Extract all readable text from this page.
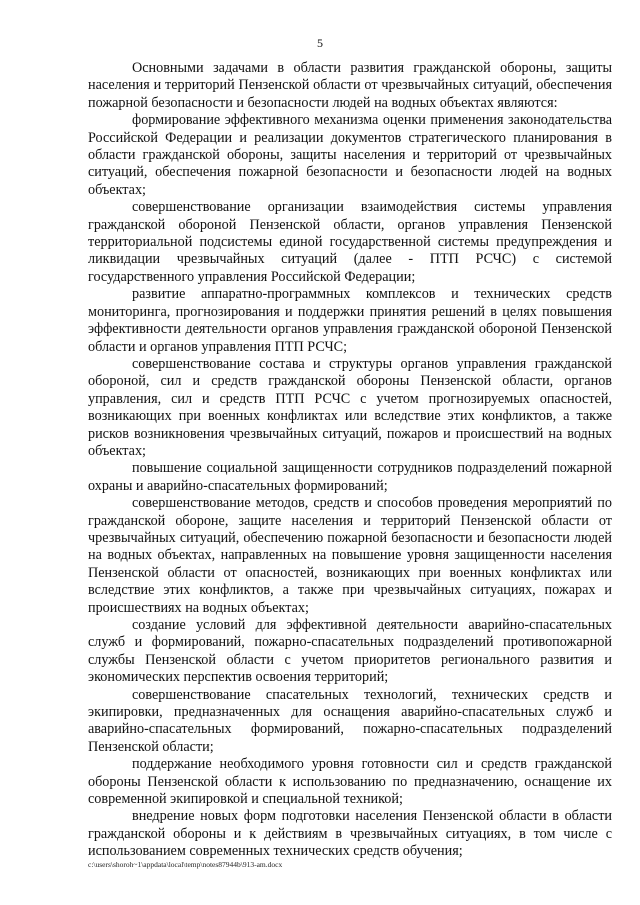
5

Основными задачами в области развития гражданской обороны, защиты населения и территорий Пензенской области от чрезвычайных ситуаций, обеспечения пожарной безопасности и безопасности людей на водных объектах являются:

формирование эффективного механизма оценки применения законодательства Российской Федерации и реализации документов стратегического планирования в области гражданской обороны, защиты населения и территорий от чрезвычайных ситуаций, обеспечения пожарной безопасности и безопасности людей на водных объектах;

совершенствование организации взаимодействия системы управления гражданской обороной Пензенской области, органов управления Пензенской территориальной подсистемы единой государственной системы предупреждения и ликвидации чрезвычайных ситуаций (далее - ПТП РСЧС) с системой государственного управления Российской Федерации;

развитие аппаратно-программных комплексов и технических средств мониторинга, прогнозирования и поддержки принятия решений в целях повышения эффективности деятельности органов управления гражданской обороной Пензенской области и органов управления ПТП РСЧС;

совершенствование состава и структуры органов управления гражданской обороной, сил и средств гражданской обороны Пензенской области, органов управления, сил и средств ПТП РСЧС с учетом прогнозируемых опасностей, возникающих при военных конфликтах или вследствие этих конфликтов, а также рисков возникновения чрезвычайных ситуаций, пожаров и происшествий на водных объектах;

повышение социальной защищенности сотрудников подразделений пожарной охраны и аварийно-спасательных формирований;

совершенствование методов, средств и способов проведения мероприятий по гражданской обороне, защите населения и территорий Пензенской области от чрезвычайных ситуаций, обеспечению пожарной безопасности и безопасности людей на водных объектах, направленных на повышение уровня защищенности населения Пензенской области от опасностей, возникающих при военных конфликтах или вследствие этих конфликтов, а также при чрезвычайных ситуациях, пожарах и происшествиях на водных объектах;

создание условий для эффективной деятельности аварийно-спасательных служб и формирований, пожарно-спасательных подразделений противопожарной службы Пензенской области с учетом приоритетов регионального развития и экономических перспектив освоения территорий;

совершенствование спасательных технологий, технических средств и экипировки, предназначенных для оснащения аварийно-спасательных служб и аварийно-спасательных формирований, пожарно-спасательных подразделений Пензенской области;

поддержание необходимого уровня готовности сил и средств гражданской обороны Пензенской области к использованию по предназначению, оснащение их современной экипировкой и специальной техникой;

внедрение новых форм подготовки населения Пензенской области в области гражданской обороны и к действиям в чрезвычайных ситуациях, в том числе с использованием современных технических средств обучения;

c:\users\shoroh~1\appdata\local\temp\notes87944b\913-am.docx
